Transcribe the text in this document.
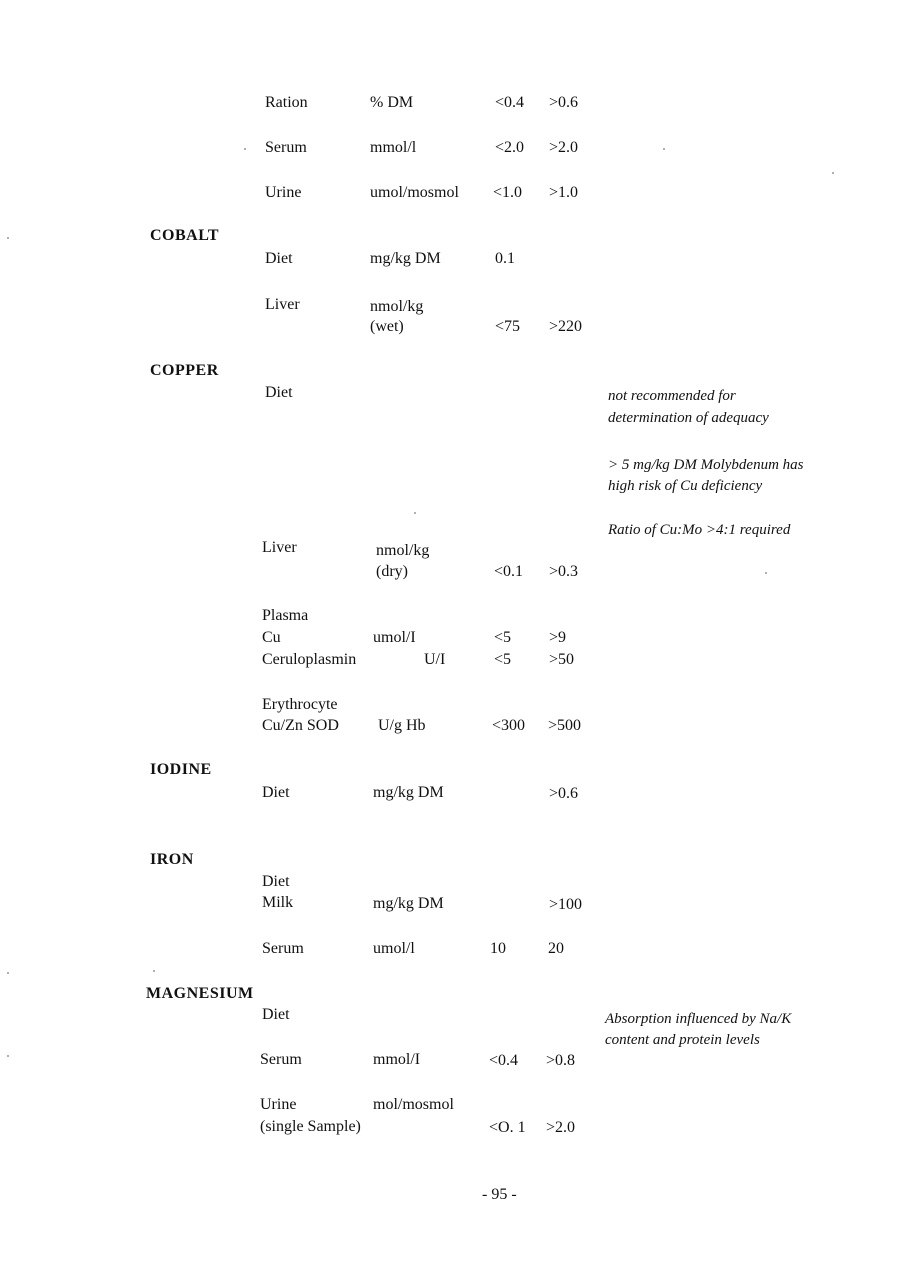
Ration	% DM	<0.4 >0.6
Serum	mmol/l	<2.0 >2.0
Urine	umol/mosmol <1.0 >1.0
COBALT
Diet	mg/kg DM	0.1
Liver	nmol/kg
(wet)	<75 >220
COPPER
Diet	not recommended for
determination of adequacy
> 5 mg/kg DM Molybdenum has
high risk of Cu deficiency
Ratio of Cu:Mo >4:1 required
Liver	nmol/kg
(dry)	<0.1 >0.3
Plasma
Cu	umol/I	<5 >9
Ceruloplasmin	U/I	<5 >50
Erythrocyte
Cu/Zn SOD U/g Hb	<300 >500
IODINE
Diet	mg/kg DM	>0.6
IRON
Diet
Milk	mg/kg DM	>100
Serum	umol/l	10	20
MAGNESIUM
Diet	Absorption influenced by Na/K
content and protein levels
Serum	mmol/I	<0.4 >0.8
Urine	mol/mosmol
(single Sample)	<O. 1 >2.0
- 95 -
